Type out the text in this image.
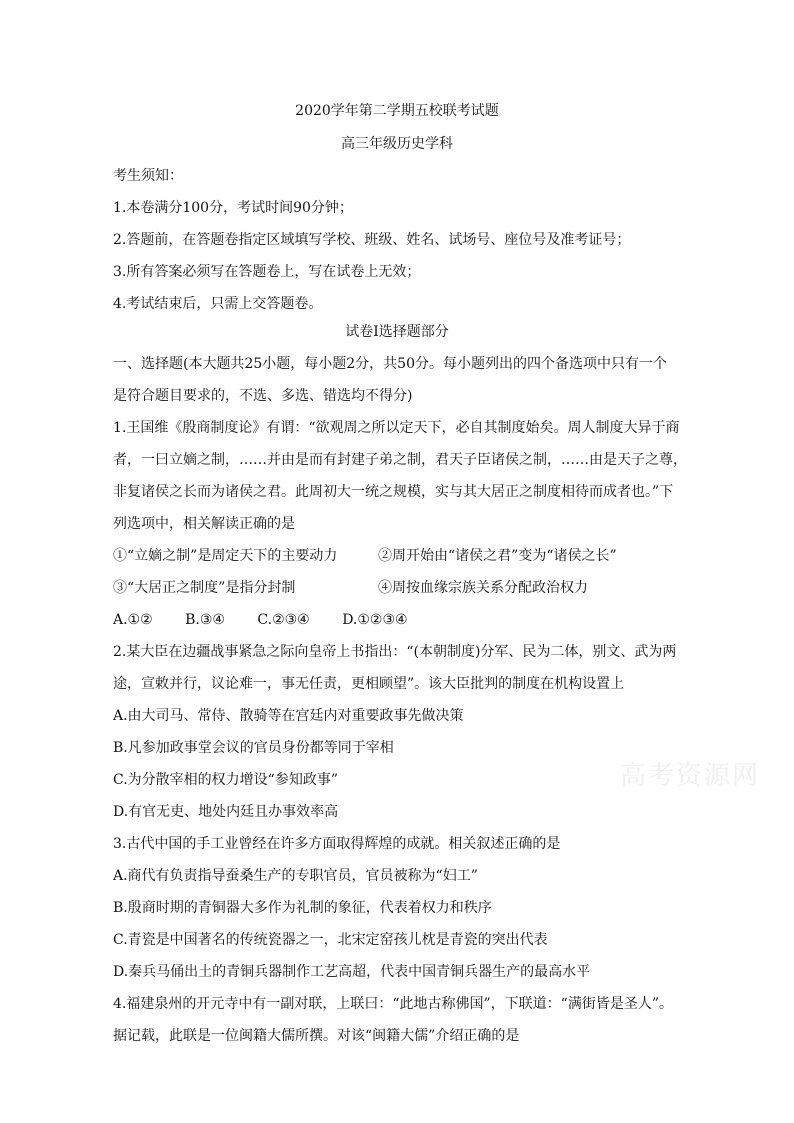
2020学年第二学期五校联考试题
高三年级历史学科
考生须知：
1.本卷满分100分，考试时间90分钟；
2.答题前，在答题卷指定区域填写学校、班级、姓名、试场号、座位号及准考证号；
3.所有答案必须写在答题卷上，写在试卷上无效；
4.考试结束后，只需上交答题卷。
试卷Ⅰ选择题部分
一、选择题(本大题共25小题，每小题2分，共50分。每小题列出的四个备选项中只有一个
是符合题目要求的，不选、多选、错选均不得分)
1.王国维《殷商制度论》有谓：“欲观周之所以定天下，必自其制度始矣。周人制度大异于商
者，一曰立嫡之制，……并由是而有封建子弟之制，君天子臣诸侯之制，……由是天子之尊，
非复诸侯之长而为诸侯之君。此周初大一统之规模，实与其大居正之制度相待而成者也。”下
列选项中，相关解读正确的是
①“立嫡之制”是周定天下的主要动力	②周开始由“诸侯之君”变为“诸侯之长”
③“大居正之制度”是指分封制	④周按血缘宗族关系分配政治权力
A.①② B.③④ C.②③④ D.①②③④
2.某大臣在边疆战事紧急之际向皇帝上书指出：“(本朝制度)分军、民为二体，别文、武为两
途，宣敕并行，议论难一，事无任责，更相顾望”。该大臣批判的制度在机构设置上
A.由大司马、常侍、散骑等在宫廷内对重要政事先做决策
B.凡参加政事堂会议的官员身份都等同于宰相
C.为分散宰相的权力增设“参知政事”
D.有官无吏、地处内廷且办事效率高
3.古代中国的手工业曾经在许多方面取得辉煌的成就。相关叙述正确的是
A.商代有负责指导蚕桑生产的专职官员，官员被称为“妇工”
B.殷商时期的青铜器大多作为礼制的象征，代表着权力和秩序
C.青瓷是中国著名的传统瓷器之一，北宋定窑孩儿枕是青瓷的突出代表
D.秦兵马俑出土的青铜兵器制作工艺高超，代表中国青铜兵器生产的最高水平
4.福建泉州的开元寺中有一副对联，上联曰：“此地古称佛国”，下联道：“满街皆是圣人”。
据记载，此联是一位闽籍大儒所撰。对该“闽籍大儒”介绍正确的是
高考资源网
